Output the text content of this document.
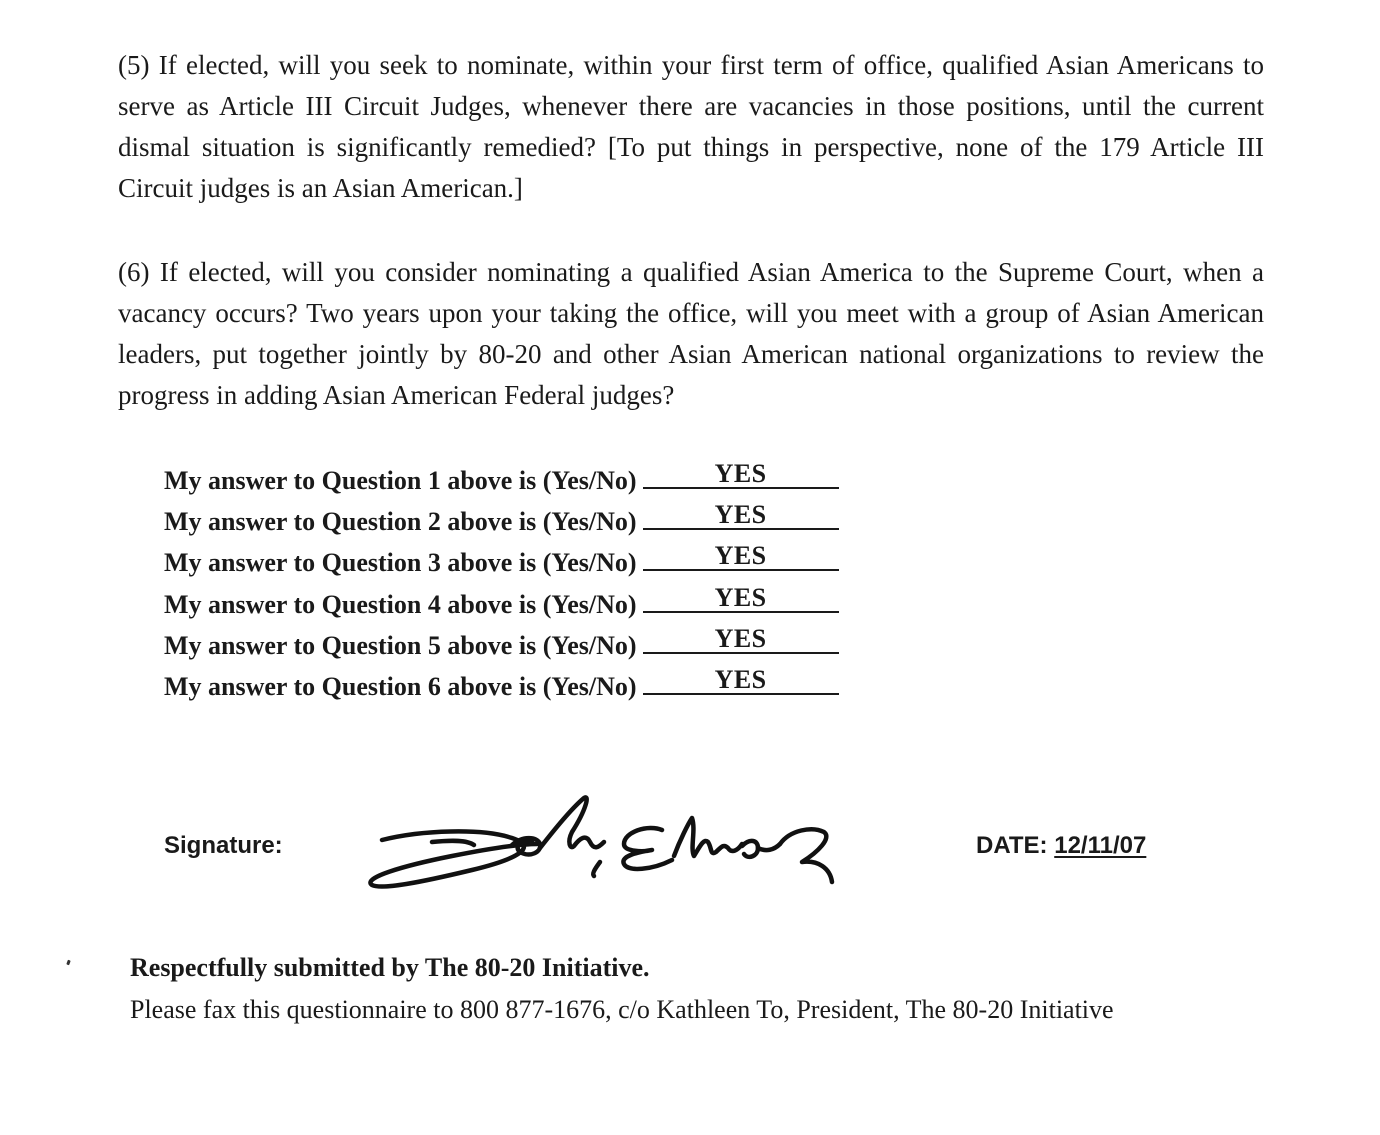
(5) If elected, will you seek to nominate, within your first term of office, qualified Asian Americans to serve as Article III Circuit Judges, whenever there are vacancies in those positions, until the current dismal situation is significantly remedied? [To put things in perspective, none of the 179 Article III Circuit judges is an Asian American.]

(6) If elected, will you consider nominating a qualified Asian America to the Supreme Court, when a vacancy occurs? Two years upon your taking the office, will you meet with a group of Asian American leaders, put together jointly by 80-20 and other Asian American national organizations to review the progress in adding Asian American Federal judges?

My answer to Question 1 above is (Yes/No)	YES
My answer to Question 2 above is (Yes/No)	YES
My answer to Question 3 above is (Yes/No)	YES
My answer to Question 4 above is (Yes/No)	YES
My answer to Question 5 above is (Yes/No)	YES
My answer to Question 6 above is (Yes/No)	YES
Signature:	DATE: 12/11/07
Respectfully submitted by The 80-20 Initiative.
Please fax this questionnaire to 800 877-1676, c/o Kathleen To, President, The 80-20 Initiative
